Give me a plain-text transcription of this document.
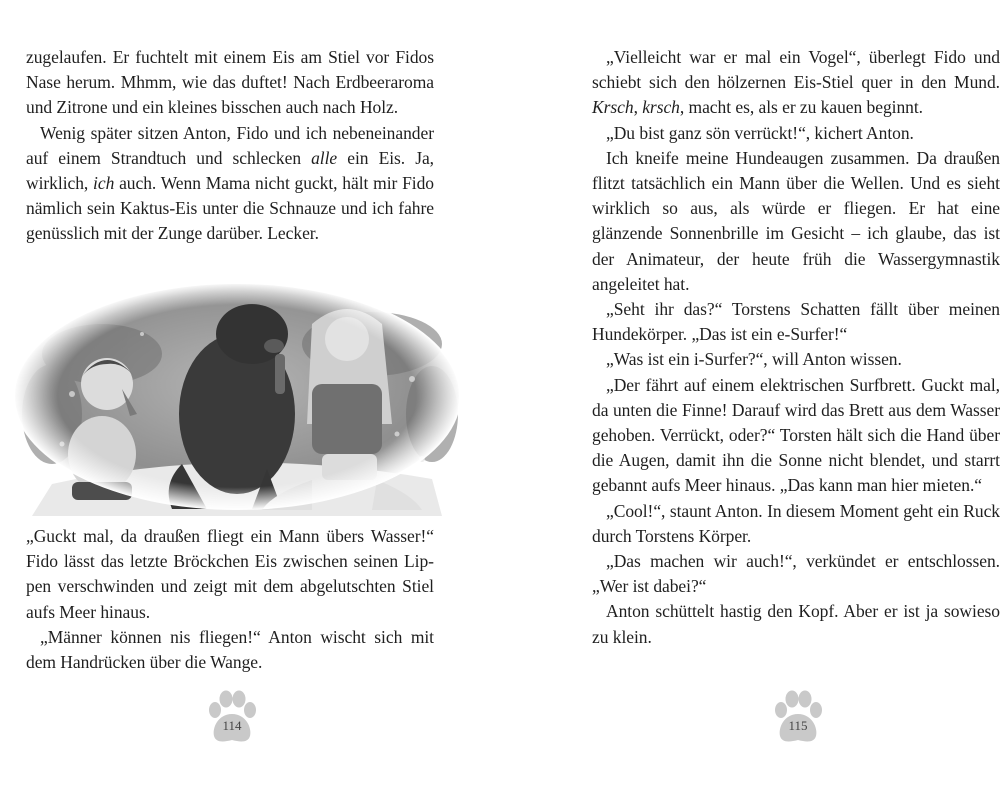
zugelaufen. Er fuchtelt mit einem Eis am Stiel vor Fidos Nase herum. Mhmm, wie das duftet! Nach Erdbeeraroma und Zitrone und ein kleines bisschen auch nach Holz.

Wenig später sitzen Anton, Fido und ich nebeneinander auf einem Strandtuch und schlecken alle ein Eis. Ja, wirklich, ich auch. Wenn Mama nicht guckt, hält mir Fido nämlich sein Kaktus-Eis unter die Schnauze und ich fahre genüsslich mit der Zunge darüber. Lecker.

„Guckt mal, da draußen fliegt ein Mann übers Wasser!“ Fido lässt das letzte Bröckchen Eis zwischen seinen Lippen verschwinden und zeigt mit dem abgelutschten Stiel aufs Meer hinaus.

„Männer können nis fliegen!“ Anton wischt sich mit dem Handrücken über die Wange.

114

„Vielleicht war er mal ein Vogel“, überlegt Fido und schiebt sich den hölzernen Eis-Stiel quer in den Mund. Krsch, krsch, macht es, als er zu kauen beginnt.

„Du bist ganz sön verrückt!“, kichert Anton.

Ich kneife meine Hundeaugen zusammen. Da draußen flitzt tatsächlich ein Mann über die Wellen. Und es sieht wirklich so aus, als würde er fliegen. Er hat eine glänzende Sonnenbrille im Gesicht – ich glaube, das ist der Animateur, der heute früh die Wassergymnastik angeleitet hat.

„Seht ihr das?“ Torstens Schatten fällt über meinen Hundekörper. „Das ist ein e-Surfer!“

„Was ist ein i-Surfer?“, will Anton wissen.

„Der fährt auf einem elektrischen Surfbrett. Guckt mal, da unten die Finne! Darauf wird das Brett aus dem Wasser gehoben. Verrückt, oder?“ Torsten hält sich die Hand über die Augen, damit ihn die Sonne nicht blendet, und starrt gebannt aufs Meer hinaus. „Das kann man hier mieten.“

„Cool!“, staunt Anton. In diesem Moment geht ein Ruck durch Torstens Körper.

„Das machen wir auch!“, verkündet er entschlossen. „Wer ist dabei?“

Anton schüttelt hastig den Kopf. Aber er ist ja sowieso zu klein.

115
